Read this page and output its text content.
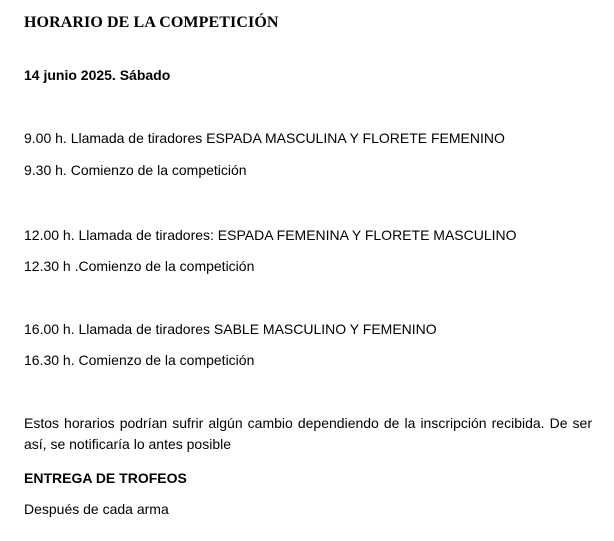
HORARIO DE LA COMPETICIÓN
14 junio 2025. Sábado
9.00 h. Llamada de tiradores ESPADA MASCULINA Y FLORETE FEMENINO
9.30 h. Comienzo de la competición
12.00 h. Llamada de tiradores: ESPADA FEMENINA Y FLORETE MASCULINO
12.30 h .Comienzo de la competición
16.00 h. Llamada de tiradores SABLE MASCULINO Y FEMENINO
16.30 h. Comienzo de la competición
Estos horarios podrían sufrir algún cambio dependiendo de la inscripción recibida. De ser así, se notificaría lo antes posible
ENTREGA DE TROFEOS
Después de cada arma
